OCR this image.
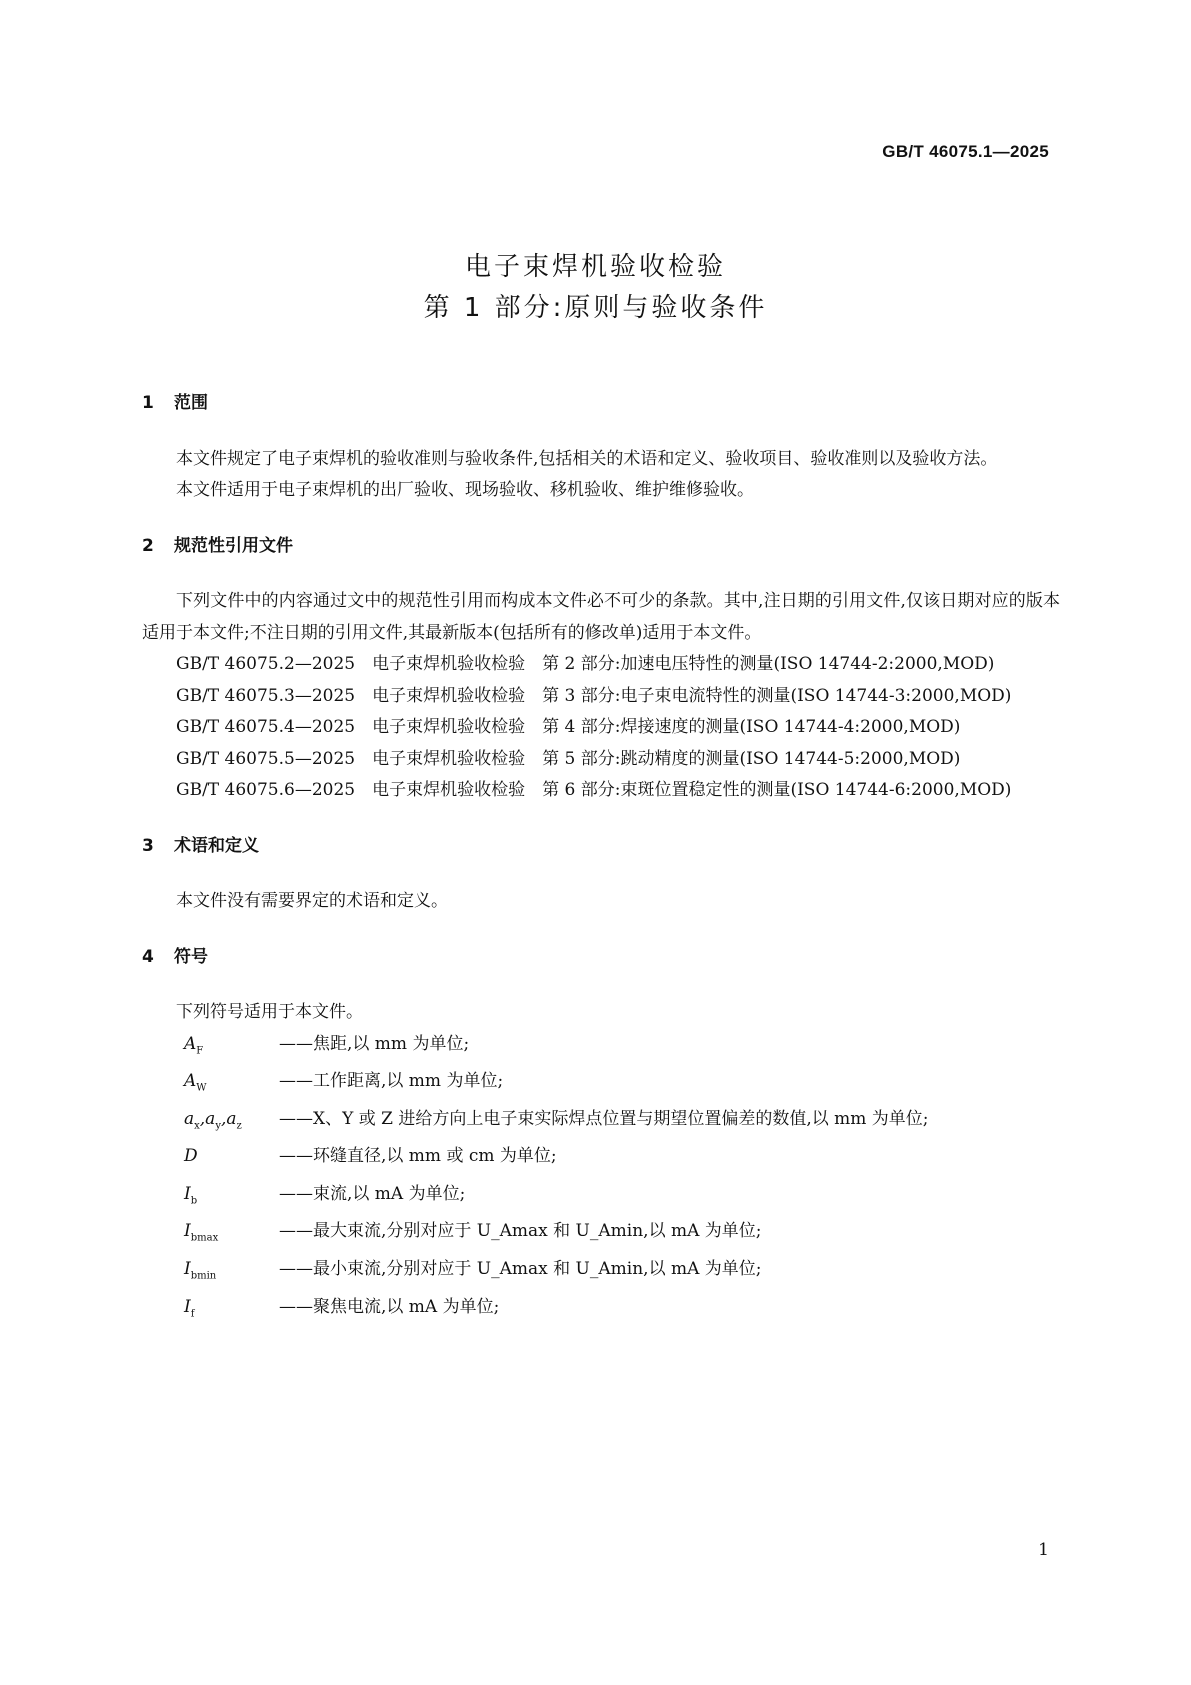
GB/T 46075.1—2025
电子束焊机验收检验
第 1 部分:原则与验收条件
1 范围

本文件规定了电子束焊机的验收准则与验收条件,包括相关的术语和定义、验收项目、验收准则以及验收方法。

本文件适用于电子束焊机的出厂验收、现场验收、移机验收、维护维修验收。

2 规范性引用文件

下列文件中的内容通过文中的规范性引用而构成本文件必不可少的条款。其中,注日期的引用文件,仅该日期对应的版本适用于本文件;不注日期的引用文件,其最新版本(包括所有的修改单)适用于本文件。

GB/T 46075.2—2025　电子束焊机验收检验　第 2 部分:加速电压特性的测量(ISO 14744-2:2000,MOD)

GB/T 46075.3—2025　电子束焊机验收检验　第 3 部分:电子束电流特性的测量(ISO 14744-3:2000,MOD)

GB/T 46075.4—2025　电子束焊机验收检验　第 4 部分:焊接速度的测量(ISO 14744-4:2000,MOD)

GB/T 46075.5—2025　电子束焊机验收检验　第 5 部分:跳动精度的测量(ISO 14744-5:2000,MOD)

GB/T 46075.6—2025　电子束焊机验收检验　第 6 部分:束斑位置稳定性的测量(ISO 14744-6:2000,MOD)

3 术语和定义

本文件没有需要界定的术语和定义。

4 符号

下列符号适用于本文件。

$A_F$	——焦距,以 mm 为单位;
$A_W$	——工作距离,以 mm 为单位;
$a_x,a_y,a_z$	——X、Y 或 Z 进给方向上电子束实际焊点位置与期望位置偏差的数值,以 mm 为单位;
D	——环缝直径,以 mm 或 cm 为单位;
$I_b$	——束流,以 mA 为单位;
$I_{bmax}$	——最大束流,分别对应于 U_Amax 和 U_Amin,以 mA 为单位;
$I_{bmin}$	——最小束流,分别对应于 U_Amax 和 U_Amin,以 mA 为单位;
$I_f$	——聚焦电流,以 mA 为单位;
1
